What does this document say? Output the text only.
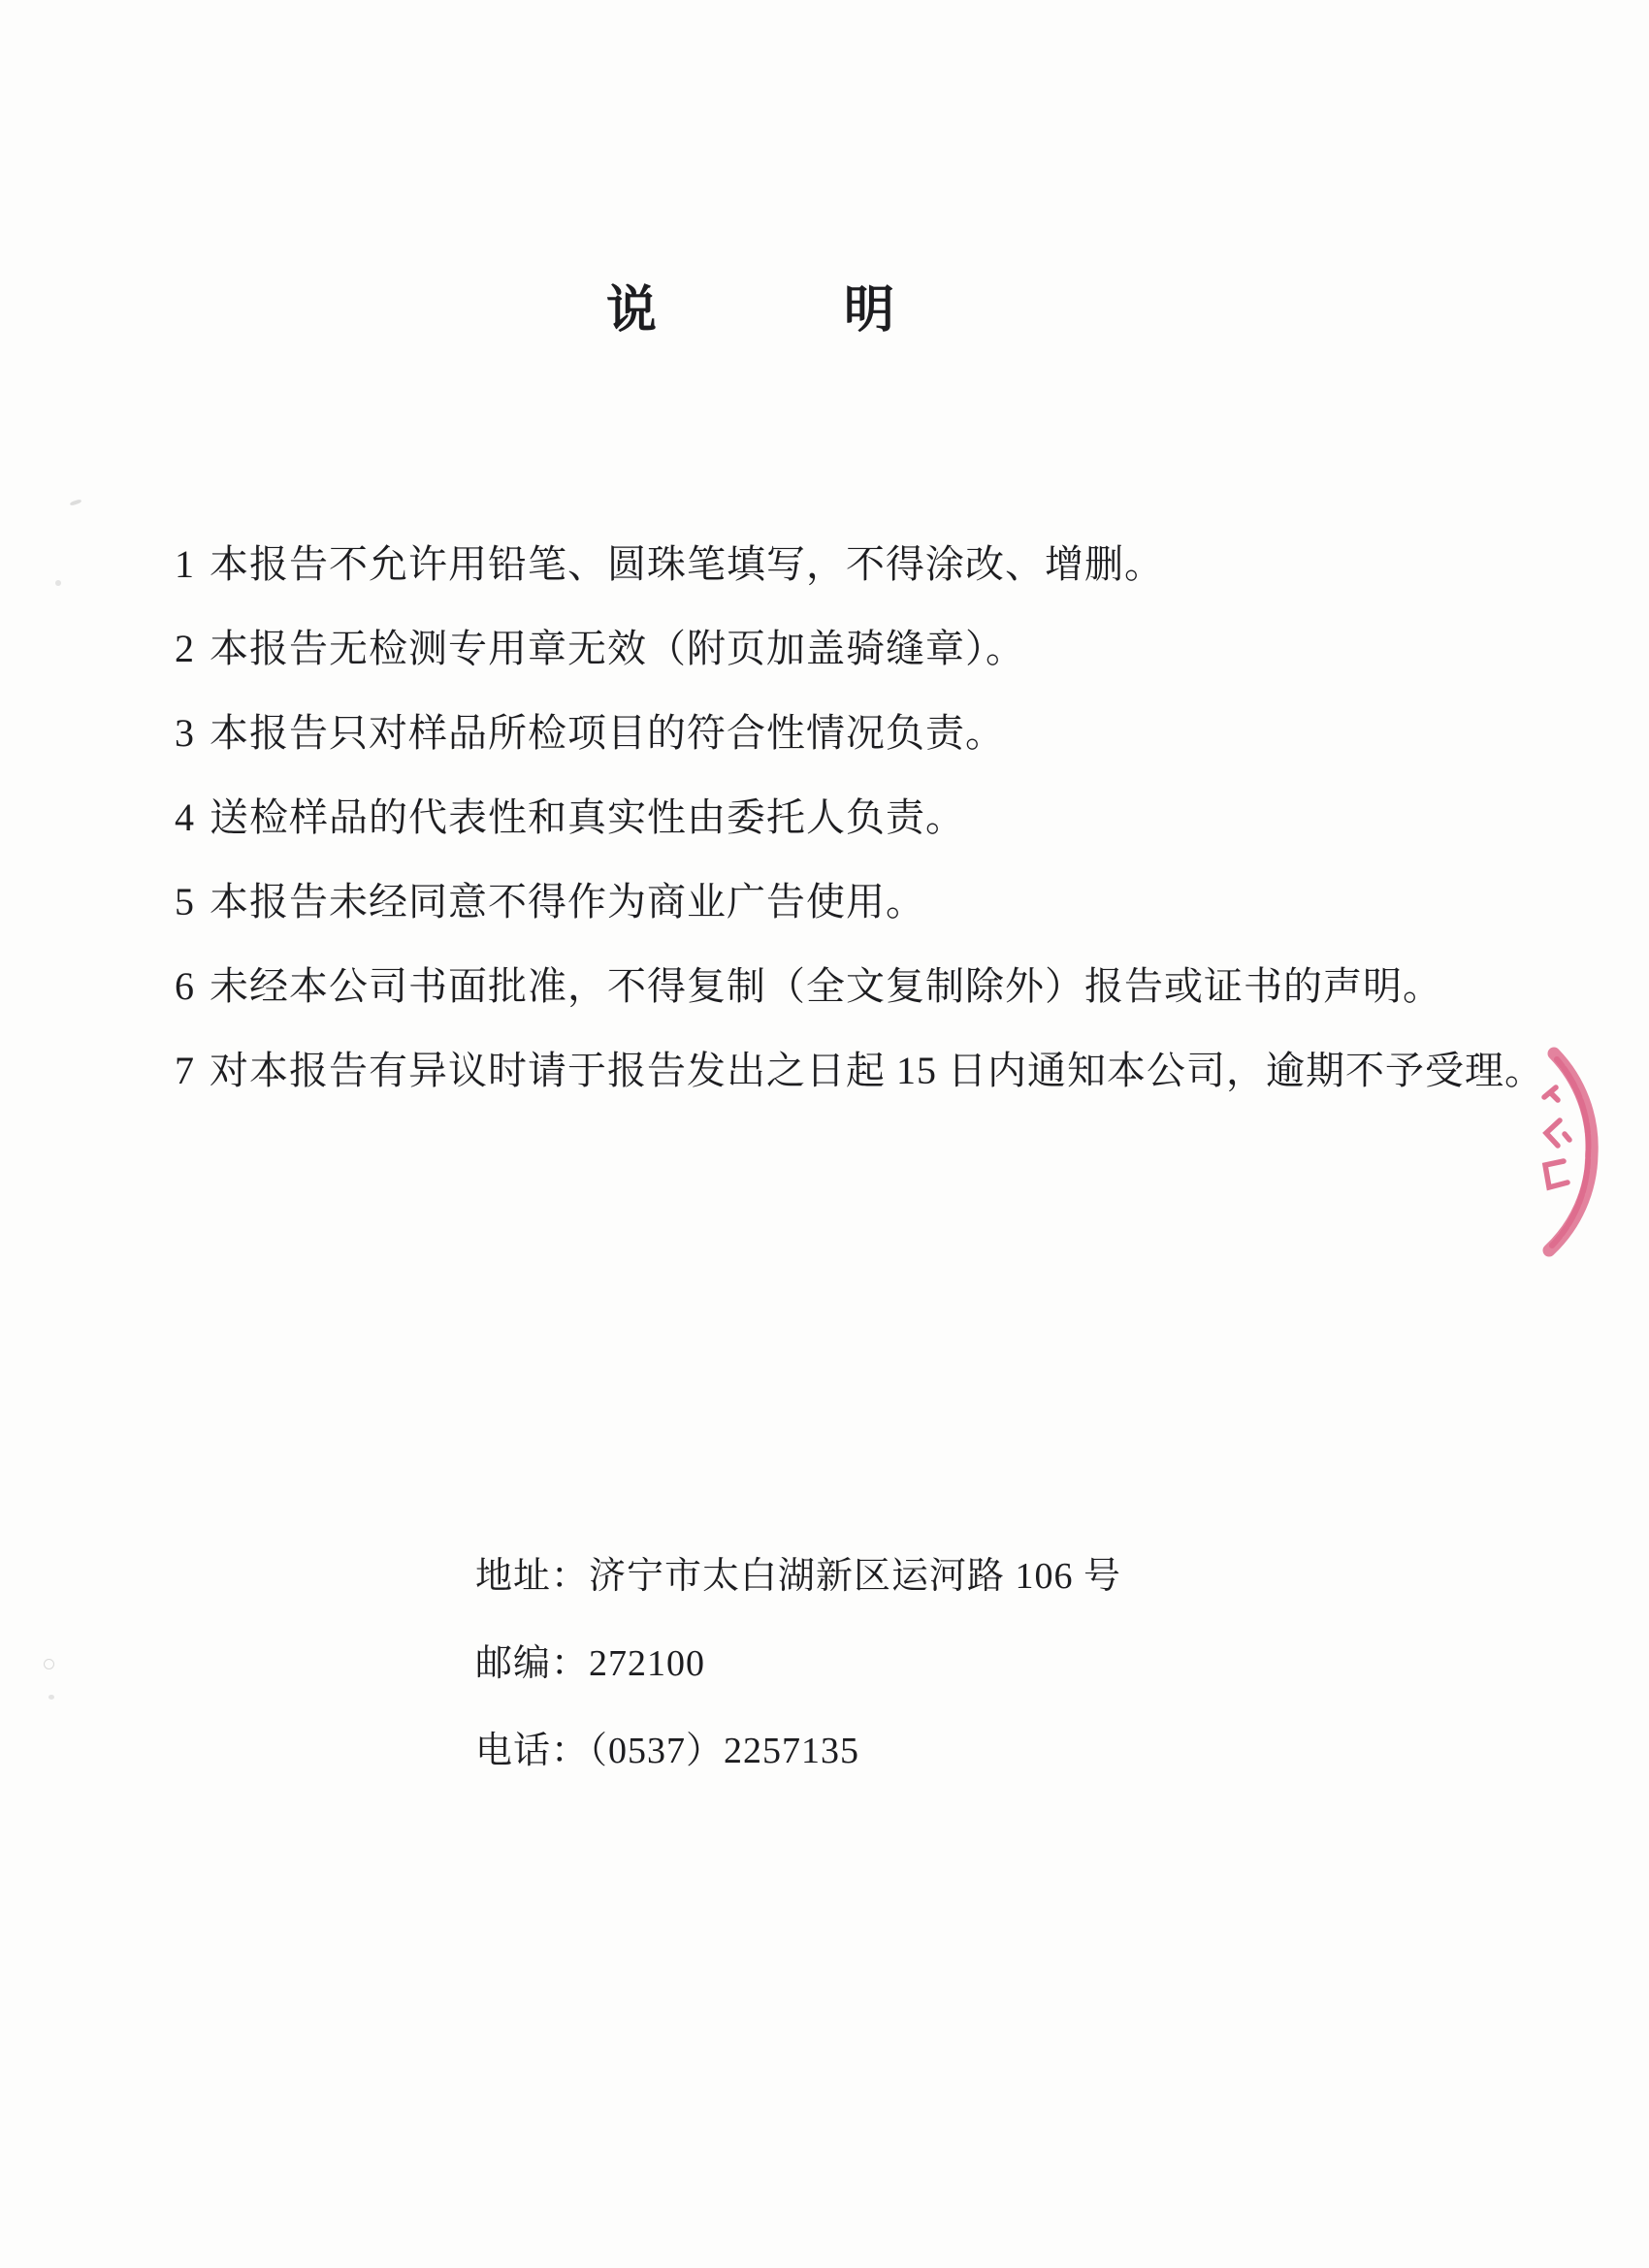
说明
1 本报告不允许用铅笔、圆珠笔填写，不得涂改、增删。
2 本报告无检测专用章无效（附页加盖骑缝章）。
3 本报告只对样品所检项目的符合性情况负责。
4 送检样品的代表性和真实性由委托人负责。
5 本报告未经同意不得作为商业广告使用。
6 未经本公司书面批准，不得复制（全文复制除外）报告或证书的声明。
7 对本报告有异议时请于报告发出之日起 15 日内通知本公司，逾期不予受理。
地址：济宁市太白湖新区运河路 106 号
邮编：272100
电话：（0537）2257135
